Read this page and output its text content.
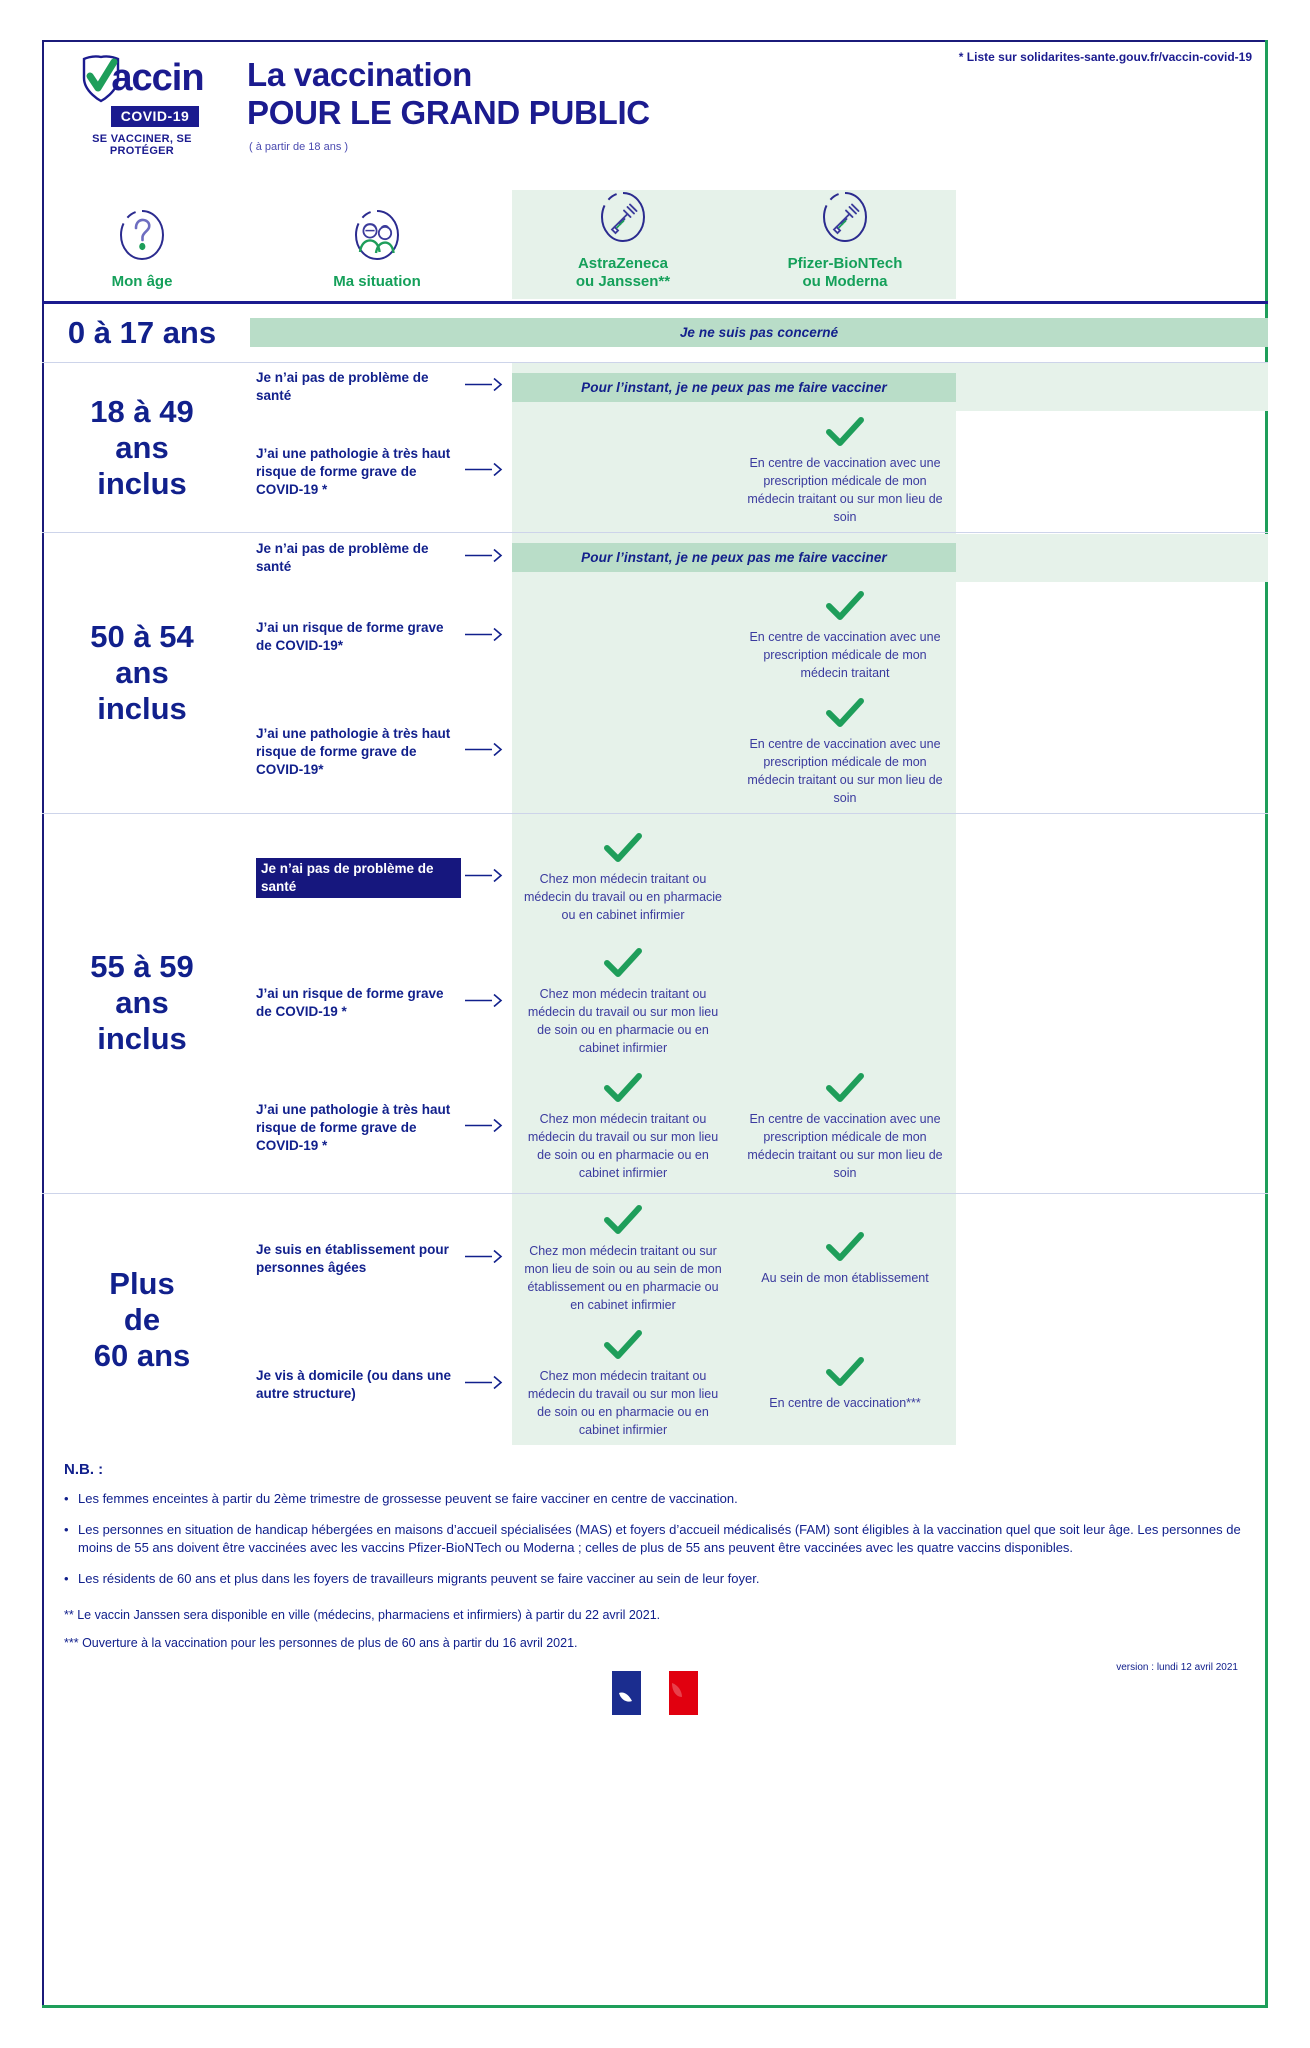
accin
COVID-19
SE VACCINER, SE PROTÉGER
La vaccination
POUR LE GRAND PUBLIC
( à partir de 18 ans )
* Liste sur solidarites-sante.gouv.fr/vaccin-covid-19
Mon âge	Ma situation	AstraZeneca
ou Janssen**	Pfizer-BioNTech
ou Moderna	

0 à 17 ans	Je ne suis pas concerné			

18 à 49
ans
inclus	Je n’ai pas de problème de santé	Pour l’instant, je ne peux pas me faire vacciner		

	J’ai une pathologie à très haut risque de forme grave de COVID-19 *		En centre de vaccination avec une prescription médicale de mon médecin traitant ou sur mon lieu de soin	

50 à 54
ans
inclus	Je n’ai pas de problème de santé	Pour l’instant, je ne peux pas me faire vacciner		

	J’ai un risque de forme grave de COVID-19*		En centre de vaccination avec une prescription médicale de mon médecin traitant	
	J’ai une pathologie à très haut risque de forme grave de COVID-19*		En centre de vaccination avec une prescription médicale de mon médecin traitant ou sur mon lieu de soin	

55 à 59
ans
inclus	Je n’ai pas de problème de santé	Chez mon médecin traitant ou médecin du travail ou en pharmacie ou en cabinet infirmier		
	J’ai un risque de forme grave de COVID-19 *	Chez mon médecin traitant ou médecin du travail ou sur mon lieu de soin ou en pharmacie ou en cabinet infirmier		
	J’ai une pathologie à très haut risque de forme grave de COVID-19 *	Chez mon médecin traitant ou médecin du travail ou sur mon lieu de soin ou en pharmacie ou en cabinet infirmier	En centre de vaccination avec une prescription médicale de mon médecin traitant ou sur mon lieu de soin	

Plus
de
60 ans	Je suis en établissement pour personnes âgées	Chez mon médecin traitant ou sur mon lieu de soin ou au sein de mon établissement ou en pharmacie ou en cabinet infirmier	Au sein de mon établissement	
	Je vis à domicile (ou dans une autre structure)	Chez mon médecin traitant ou médecin du travail ou sur mon lieu de soin ou en pharmacie ou en cabinet infirmier	En centre de vaccination***	
N.B. :
• Les femmes enceintes à partir du 2ème trimestre de grossesse peuvent se faire vacciner en centre de vaccination.
• Les personnes en situation de handicap hébergées en maisons d’accueil spécialisées (MAS) et foyers d’accueil médicalisés (FAM) sont éligibles à la vaccination quel que soit leur âge. Les personnes de moins de 55 ans doivent être vaccinées avec les vaccins Pfizer-BioNTech ou Moderna ; celles de plus de 55 ans peuvent être vaccinées avec les quatre vaccins disponibles.
• Les résidents de 60 ans et plus dans les foyers de travailleurs migrants peuvent se faire vacciner au sein de leur foyer.
** Le vaccin Janssen sera disponible en ville (médecins, pharmaciens et infirmiers) à partir du 22 avril 2021.
*** Ouverture à la vaccination pour les personnes de plus de 60 ans à partir du 16 avril 2021.
version : lundi 12 avril 2021
